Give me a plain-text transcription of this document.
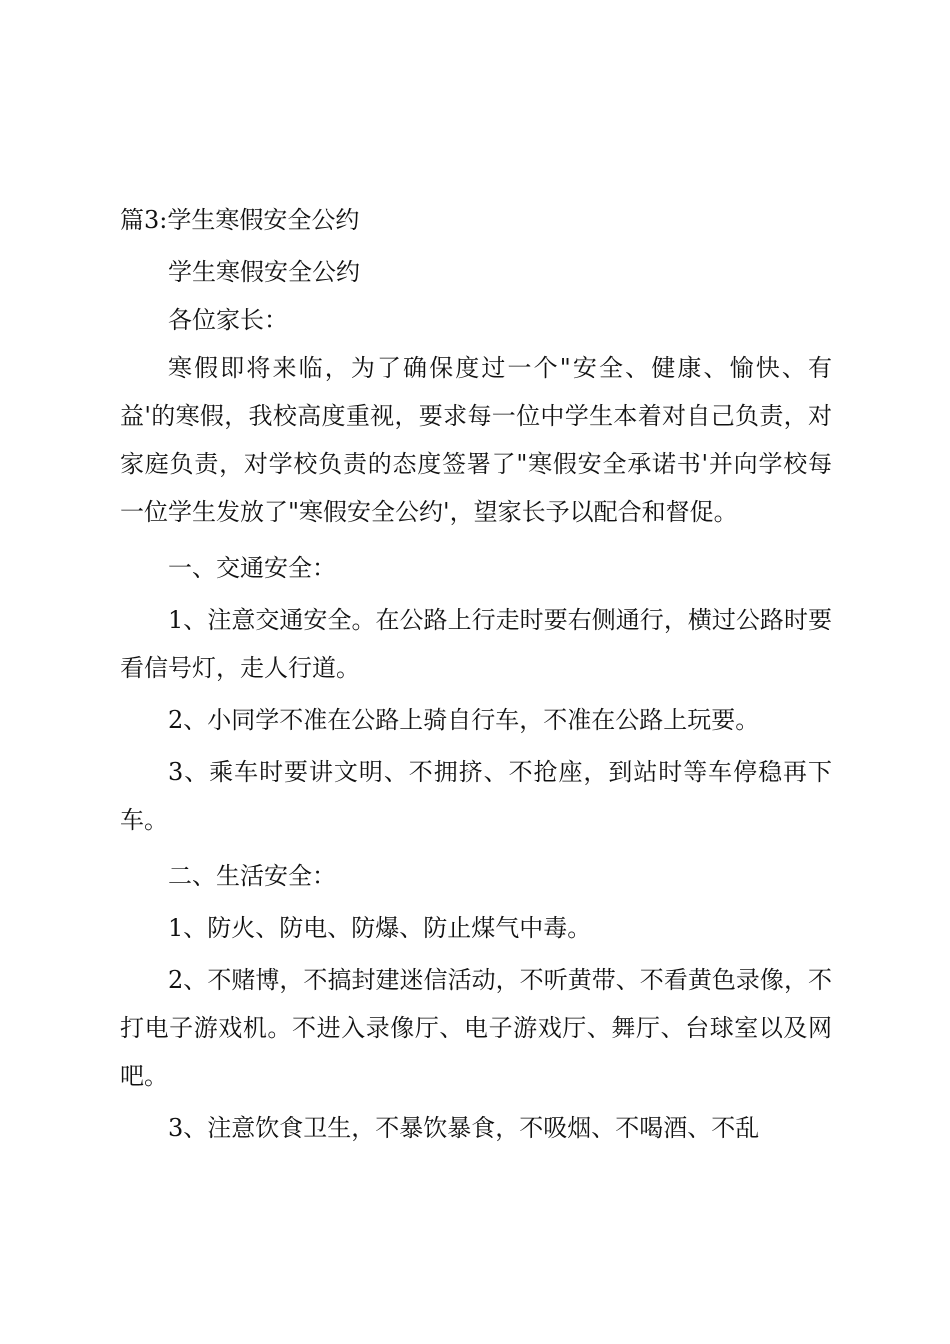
篇3:学生寒假安全公约

学生寒假安全公约

各位家长：

寒假即将来临，为了确保度过一个"安全、健康、愉快、有益'的寒假，我校高度重视，要求每一位中学生本着对自己负责，对家庭负责，对学校负责的态度签署了"寒假安全承诺书'并向学校每一位学生发放了"寒假安全公约'，望家长予以配合和督促。

一、交通安全：

1、注意交通安全。在公路上行走时要右侧通行，横过公路时要看信号灯，走人行道。

2、小同学不准在公路上骑自行车，不准在公路上玩要。

3、乘车时要讲文明、不拥挤、不抢座，到站时等车停稳再下车。

二、生活安全：

1、防火、防电、防爆、防止煤气中毒。

2、不赌博，不搞封建迷信活动，不听黄带、不看黄色录像，不打电子游戏机。不进入录像厅、电子游戏厅、舞厅、台球室以及网吧。

3、注意饮食卫生，不暴饮暴食，不吸烟、不喝酒、不乱
